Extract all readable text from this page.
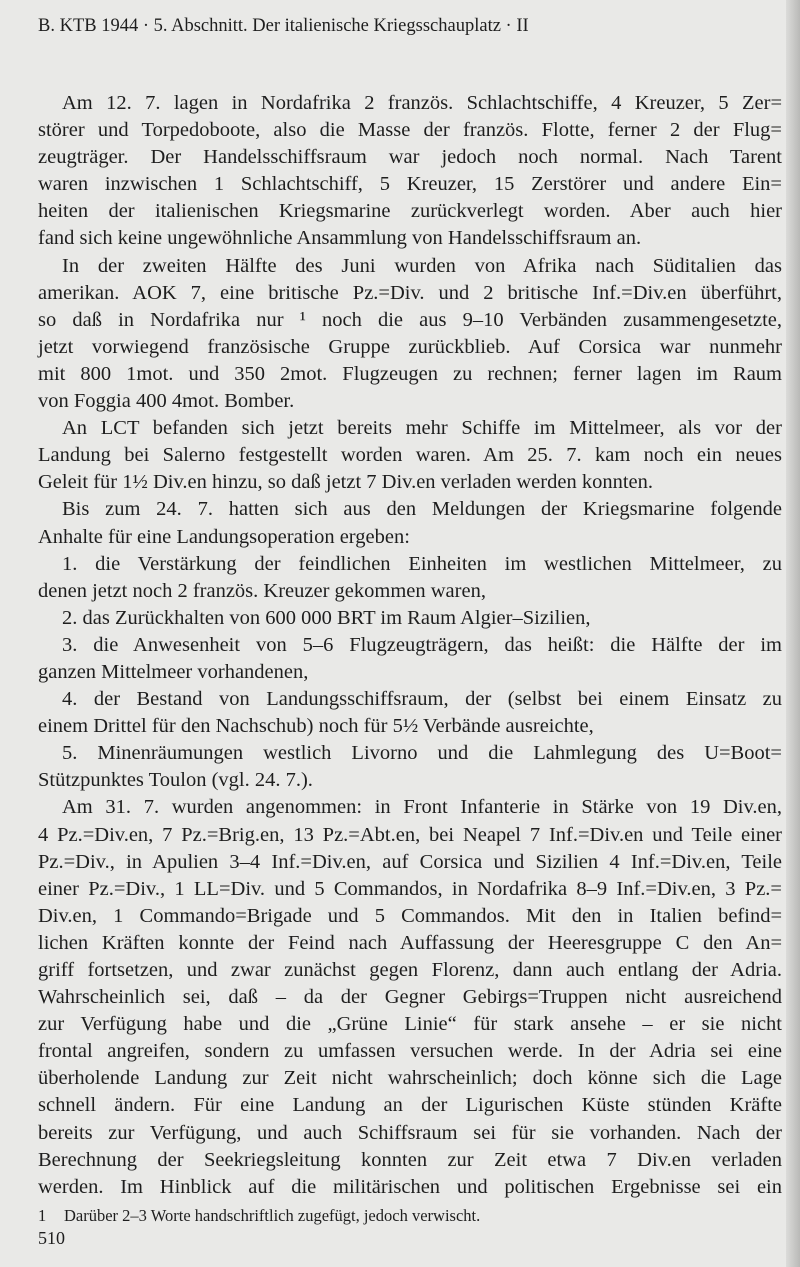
B. KTB 1944 · 5. Abschnitt. Der italienische Kriegsschauplatz · II
Am 12. 7. lagen in Nordafrika 2 französ. Schlachtschiffe, 4 Kreuzer, 5 Zer=
störer und Torpedoboote, also die Masse der französ. Flotte, ferner 2 der Flug=
zeugträger. Der Handelsschiffsraum war jedoch noch normal. Nach Tarent
waren inzwischen 1 Schlachtschiff, 5 Kreuzer, 15 Zerstörer und andere Ein=
heiten der italienischen Kriegsmarine zurückverlegt worden. Aber auch hier
fand sich keine ungewöhnliche Ansammlung von Handelsschiffsraum an.
In der zweiten Hälfte des Juni wurden von Afrika nach Süditalien das
amerikan. AOK 7, eine britische Pz.=Div. und 2 britische Inf.=Div.en überführt,
so daß in Nordafrika nur ¹ noch die aus 9–10 Verbänden zusammengesetzte,
jetzt vorwiegend französische Gruppe zurückblieb. Auf Corsica war nunmehr
mit 800 1mot. und 350 2mot. Flugzeugen zu rechnen; ferner lagen im Raum
von Foggia 400 4mot. Bomber.
An LCT befanden sich jetzt bereits mehr Schiffe im Mittelmeer, als vor der
Landung bei Salerno festgestellt worden waren. Am 25. 7. kam noch ein neues
Geleit für 1½ Div.en hinzu, so daß jetzt 7 Div.en verladen werden konnten.
Bis zum 24. 7. hatten sich aus den Meldungen der Kriegsmarine folgende
Anhalte für eine Landungsoperation ergeben:
1. die Verstärkung der feindlichen Einheiten im westlichen Mittelmeer, zu
denen jetzt noch 2 französ. Kreuzer gekommen waren,
2. das Zurückhalten von 600 000 BRT im Raum Algier–Sizilien,
3. die Anwesenheit von 5–6 Flugzeugträgern, das heißt: die Hälfte der im
ganzen Mittelmeer vorhandenen,
4. der Bestand von Landungsschiffsraum, der (selbst bei einem Einsatz zu
einem Drittel für den Nachschub) noch für 5½ Verbände ausreichte,
5. Minenräumungen westlich Livorno und die Lahmlegung des U=Boot=
Stützpunktes Toulon (vgl. 24. 7.).
Am 31. 7. wurden angenommen: in Front Infanterie in Stärke von 19 Div.en,
4 Pz.=Div.en, 7 Pz.=Brig.en, 13 Pz.=Abt.en, bei Neapel 7 Inf.=Div.en und Teile einer
Pz.=Div., in Apulien 3–4 Inf.=Div.en, auf Corsica und Sizilien 4 Inf.=Div.en, Teile
einer Pz.=Div., 1 LL=Div. und 5 Commandos, in Nordafrika 8–9 Inf.=Div.en, 3 Pz.=
Div.en, 1 Commando=Brigade und 5 Commandos. Mit den in Italien befind=
lichen Kräften konnte der Feind nach Auffassung der Heeresgruppe C den An=
griff fortsetzen, und zwar zunächst gegen Florenz, dann auch entlang der Adria.
Wahrscheinlich sei, daß – da der Gegner Gebirgs=Truppen nicht ausreichend
zur Verfügung habe und die „Grüne Linie“ für stark ansehe – er sie nicht
frontal angreifen, sondern zu umfassen versuchen werde. In der Adria sei eine
überholende Landung zur Zeit nicht wahrscheinlich; doch könne sich die Lage
schnell ändern. Für eine Landung an der Ligurischen Küste stünden Kräfte
bereits zur Verfügung, und auch Schiffsraum sei für sie vorhanden. Nach der
Berechnung der Seekriegsleitung konnten zur Zeit etwa 7 Div.en verladen
werden. Im Hinblick auf die militärischen und politischen Ergebnisse sei ein
1 Darüber 2–3 Worte handschriftlich zugefügt, jedoch verwischt.
510
